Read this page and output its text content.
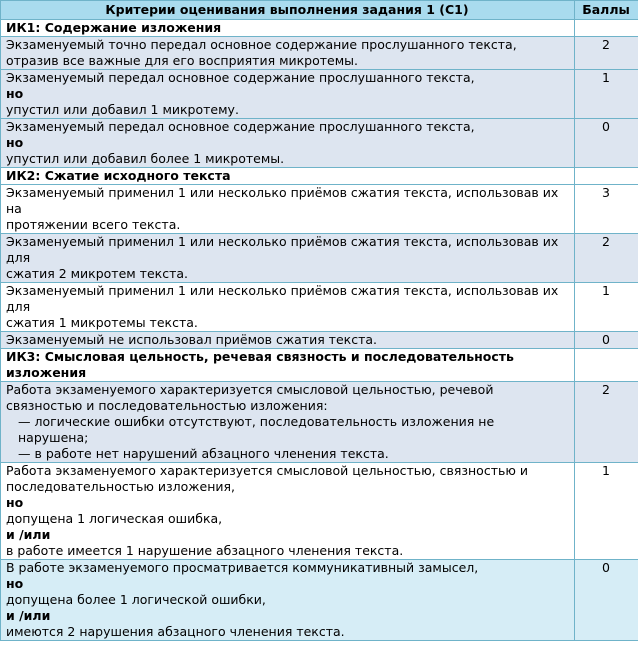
Критерии оценивания выполнения задания 1 (С1)	Баллы
ИК1: Содержание изложения	

Экзаменуемый точно передал основное содержание прослушанного текста,
отразив все важные для его восприятия микротемы.	2

Экзаменуемый передал основное содержание прослушанного текста,
но
упустил или добавил 1 микротему.	1

Экзаменуемый передал основное содержание прослушанного текста,
но
упустил или добавил более 1 микротемы.	0
ИК2: Сжатие исходного текста	

Экзаменуемый применил 1 или несколько приёмов сжатия текста, использовав их на
протяжении всего текста.	3

Экзаменуемый применил 1 или несколько приёмов сжатия текста, использовав их для
сжатия 2 микротем текста.	2

Экзаменуемый применил 1 или несколько приёмов сжатия текста, использовав их для
сжатия 1 микротемы текста.	1

Экзаменуемый не использовал приёмов сжатия текста.	0
ИК3: Смысловая цельность, речевая связность и последовательность изложения	

Работа экзаменуемого характеризуется смысловой цельностью, речевой связностью и последовательностью изложения:
— логические ошибки отсутствуют, последовательность изложения не нарушена;
— в работе нет нарушений абзацного членения текста.	2

Работа экзаменуемого характеризуется смысловой цельностью, связностью и последовательностью изложения,
но
допущена 1 логическая ошибка,
и /или
в работе имеется 1 нарушение абзацного членения текста.	1

В работе экзаменуемого просматривается коммуникативный замысел,
но
допущена более 1 логической ошибки,
и /или
имеются 2 нарушения абзацного членения текста.	0
